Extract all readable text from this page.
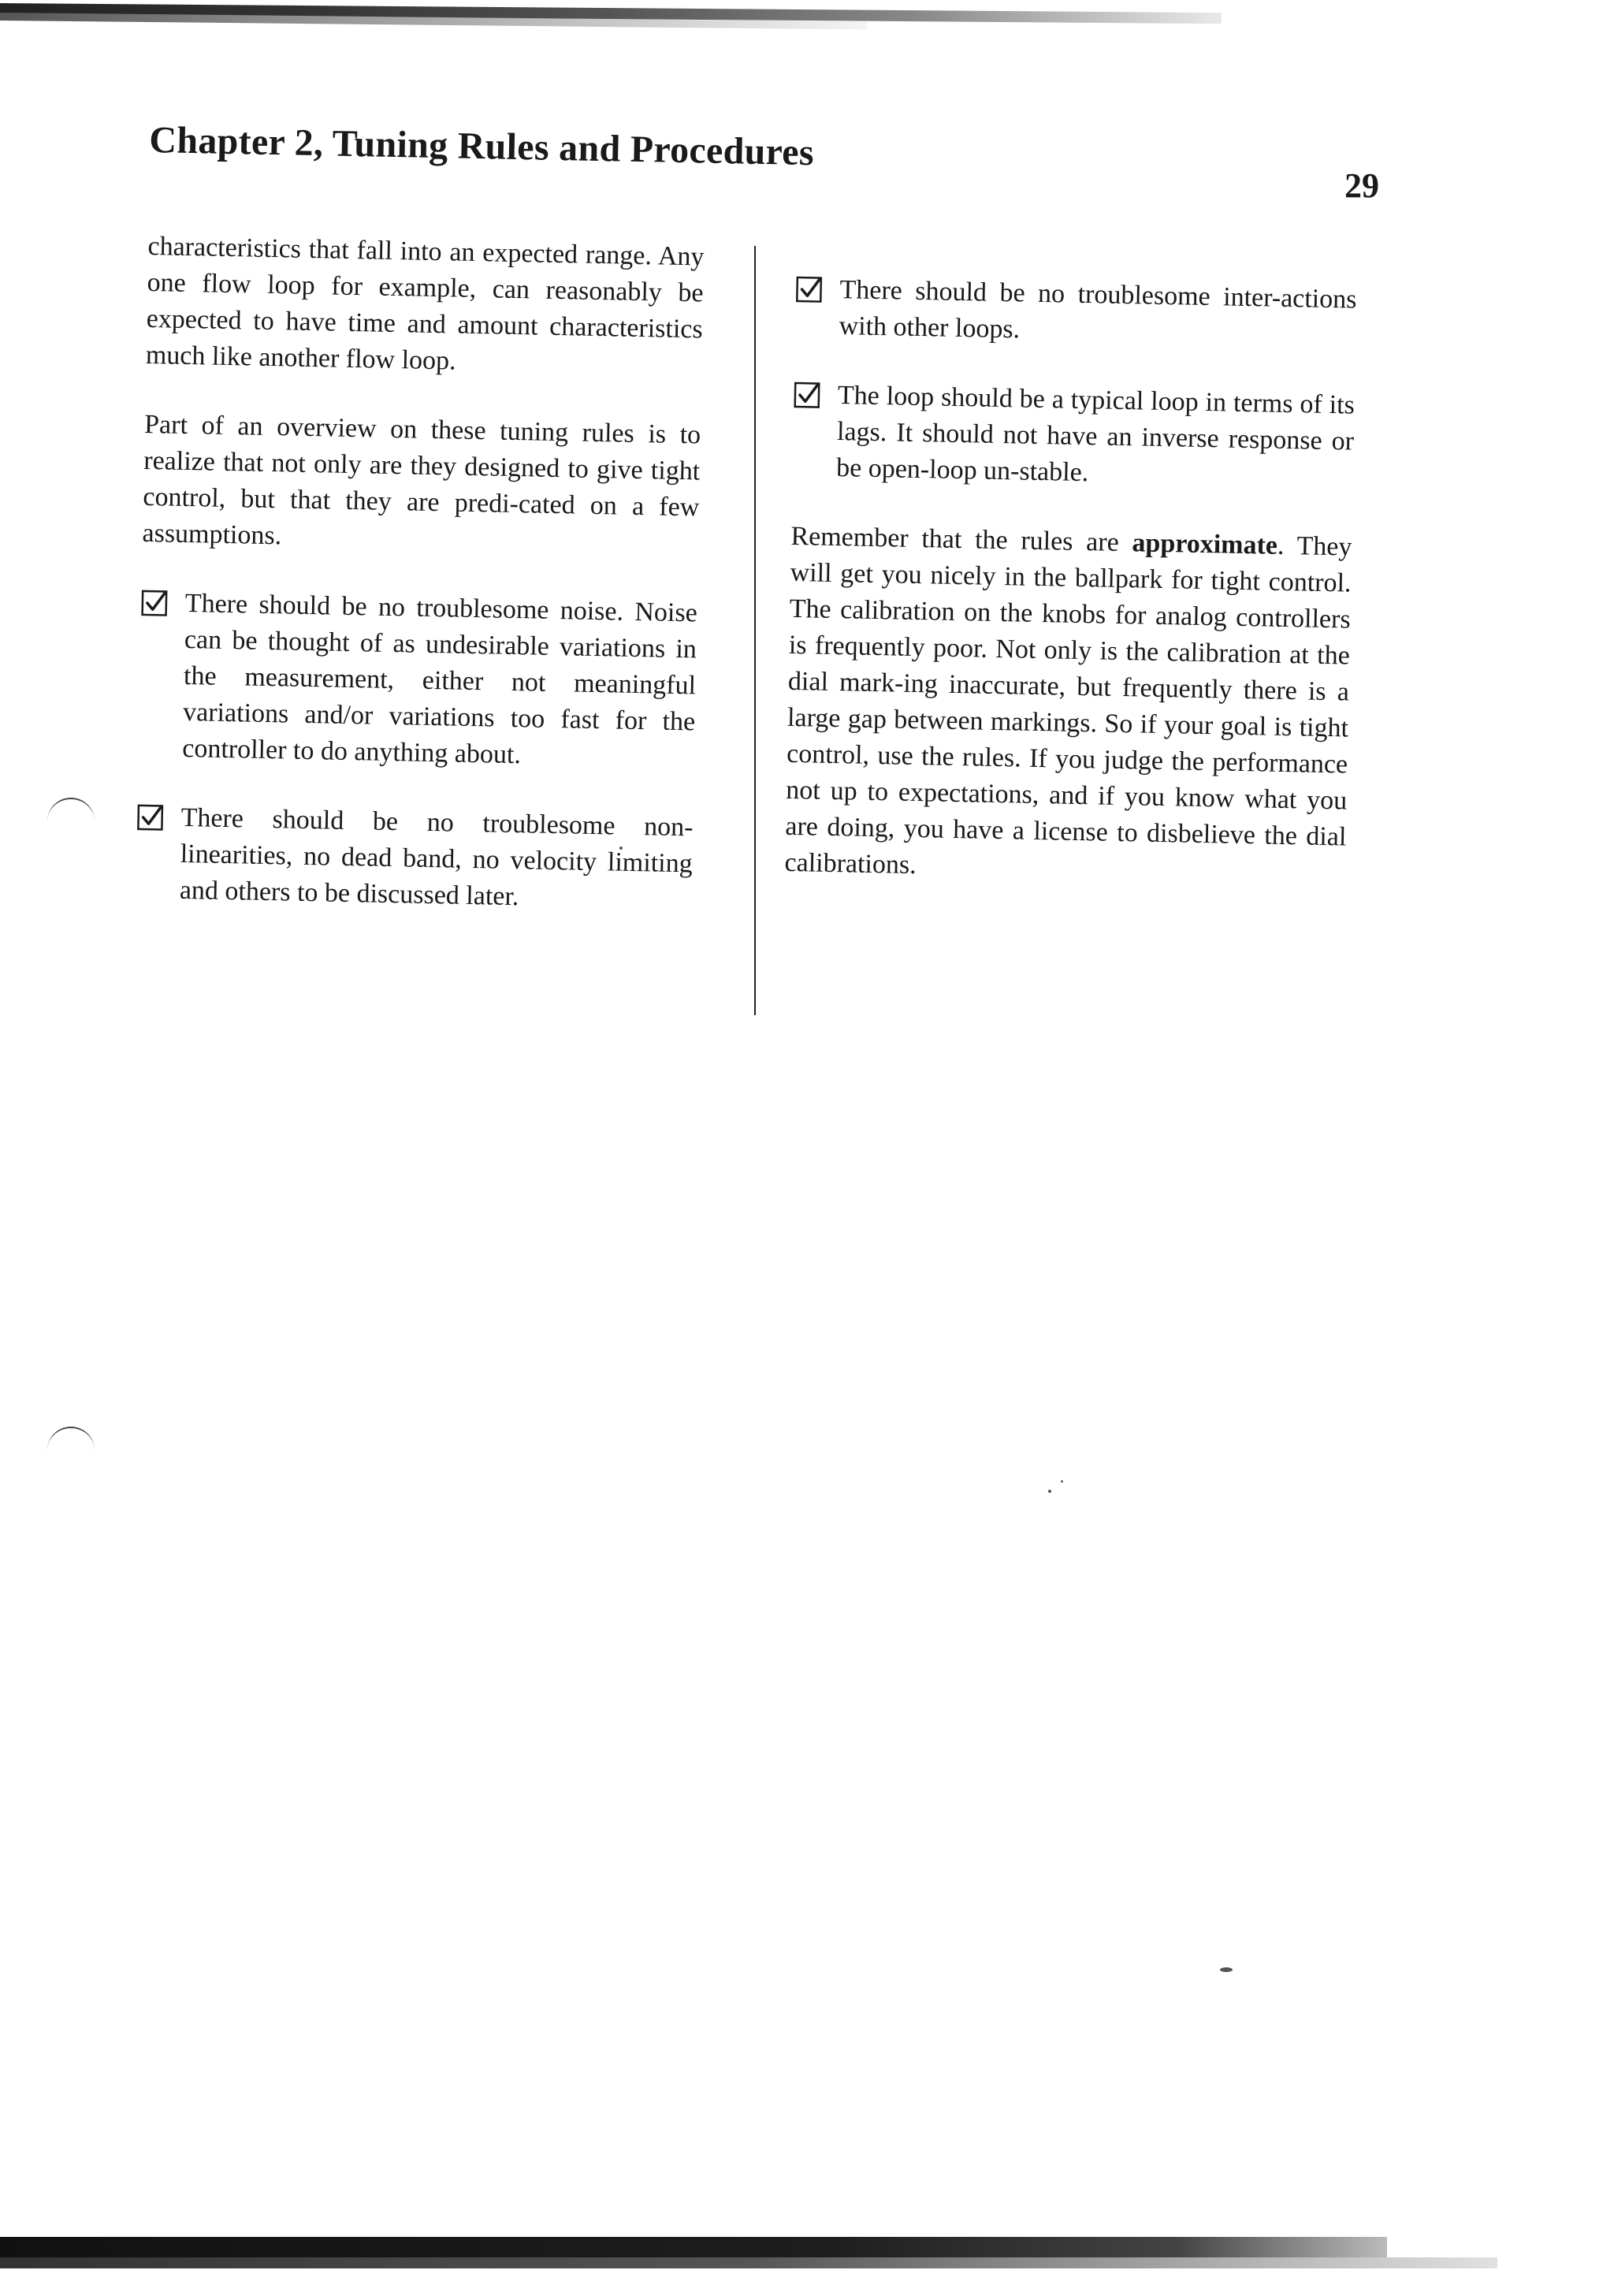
Chapter 2, Tuning Rules and Procedures
29

characteristics that fall into an expected range. Any one flow loop for example, can reasonably be expected to have time and amount characteristics much like another flow loop.

Part of an overview on these tuning rules is to realize that not only are they designed to give tight control, but that they are predi-cated on a few assumptions.

There should be no troublesome noise. Noise can be thought of as undesirable variations in the measurement, either not meaningful variations and/or variations too fast for the controller to do anything about.
There should be no troublesome non-linearities, no dead band, no velocity limiting and others to be discussed later.
There should be no troublesome inter-actions with other loops.
The loop should be a typical loop in terms of its lags. It should not have an inverse response or be open-loop un-stable.

Remember that the rules are approximate. They will get you nicely in the ballpark for tight control. The calibration on the knobs for analog controllers is frequently poor. Not only is the calibration at the dial mark-ing inaccurate, but frequently there is a large gap between markings. So if your goal is tight control, use the rules. If you judge the performance not up to expectations, and if you know what you are doing, you have a license to disbelieve the dial calibrations.
